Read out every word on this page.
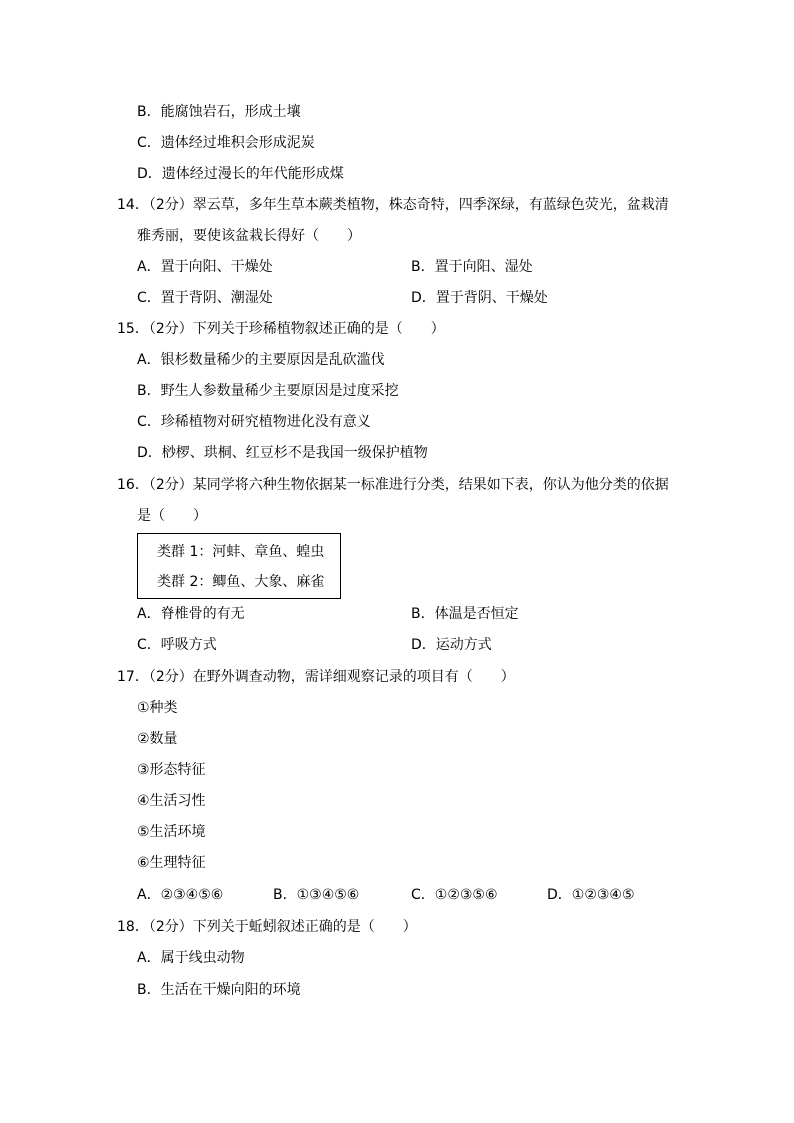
B．能腐蚀岩石，形成土壤
C．遗体经过堆积会形成泥炭
D．遗体经过漫长的年代能形成煤
14．（2分）翠云草，多年生草本蕨类植物，株态奇特，四季深绿，有蓝绿色荧光，盆栽清
雅秀丽，要使该盆栽长得好（　　）
A．置于向阳、干燥处	B．置于向阳、湿处
C．置于背阴、潮湿处	D．置于背阴、干燥处
15．（2分）下列关于珍稀植物叙述正确的是（　　）
A．银杉数量稀少的主要原因是乱砍滥伐
B．野生人参数量稀少主要原因是过度采挖
C．珍稀植物对研究植物进化没有意义
D．桫椤、珙桐、红豆杉不是我国一级保护植物
16．（2分）某同学将六种生物依据某一标准进行分类，结果如下表，你认为他分类的依据
是（　　）
类群 1：河蚌、章鱼、蝗虫
类群 2：鲫鱼、大象、麻雀
A．脊椎骨的有无	B．体温是否恒定
C．呼吸方式	D．运动方式
17．（2分）在野外调查动物，需详细观察记录的项目有（　　）
①种类
②数量
③形态特征
④生活习性
⑤生活环境
⑥生理特征
A．②③④⑤⑥	B．①③④⑤⑥	C．①②③⑤⑥	D．①②③④⑤
18．（2分）下列关于蚯蚓叙述正确的是（　　）
A．属于线虫动物
B．生活在干燥向阳的环境
